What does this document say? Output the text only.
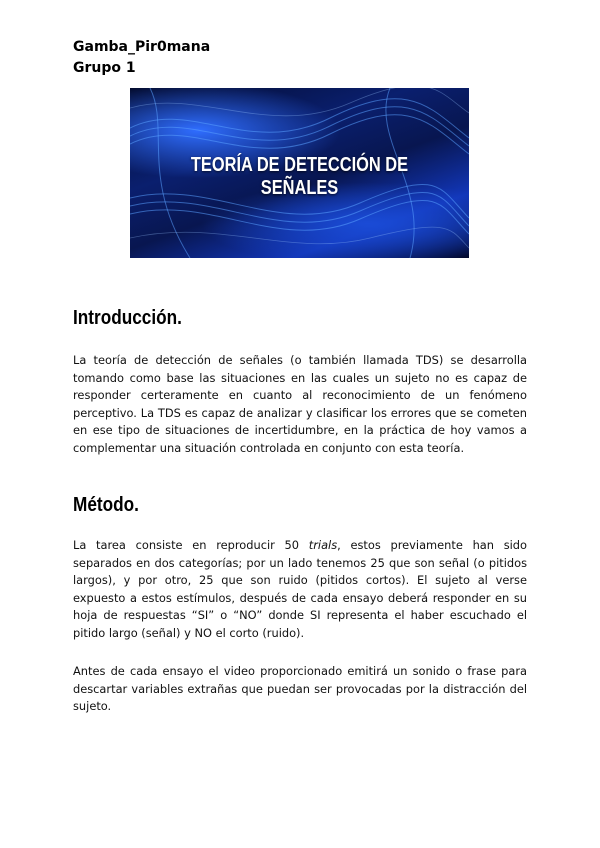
Gamba_Pir0mana
Grupo 1
TEORÍA DE DETECCIÓN DE SEÑALES
Introducción.

La teoría de detección de señales (o también llamada TDS) se desarrolla tomando como base las situaciones en las cuales un sujeto no es capaz de responder certeramente en cuanto al reconocimiento de un fenómeno perceptivo. La TDS es capaz de analizar y clasificar los errores que se cometen en ese tipo de situaciones de incertidumbre, en la práctica de hoy vamos a complementar una situación controlada en conjunto con esta teoría.

Método.

La tarea consiste en reproducir 50 trials, estos previamente han sido separados en dos categorías; por un lado tenemos 25 que son señal (o pitidos largos), y por otro, 25 que son ruido (pitidos cortos). El sujeto al verse expuesto a estos estímulos, después de cada ensayo deberá responder en su hoja de respuestas “SI” o “NO” donde SI representa el haber escuchado el pitido largo (señal) y NO el corto (ruido).

Antes de cada ensayo el video proporcionado emitirá un sonido o frase para descartar variables extrañas que puedan ser provocadas por la distracción del sujeto.
